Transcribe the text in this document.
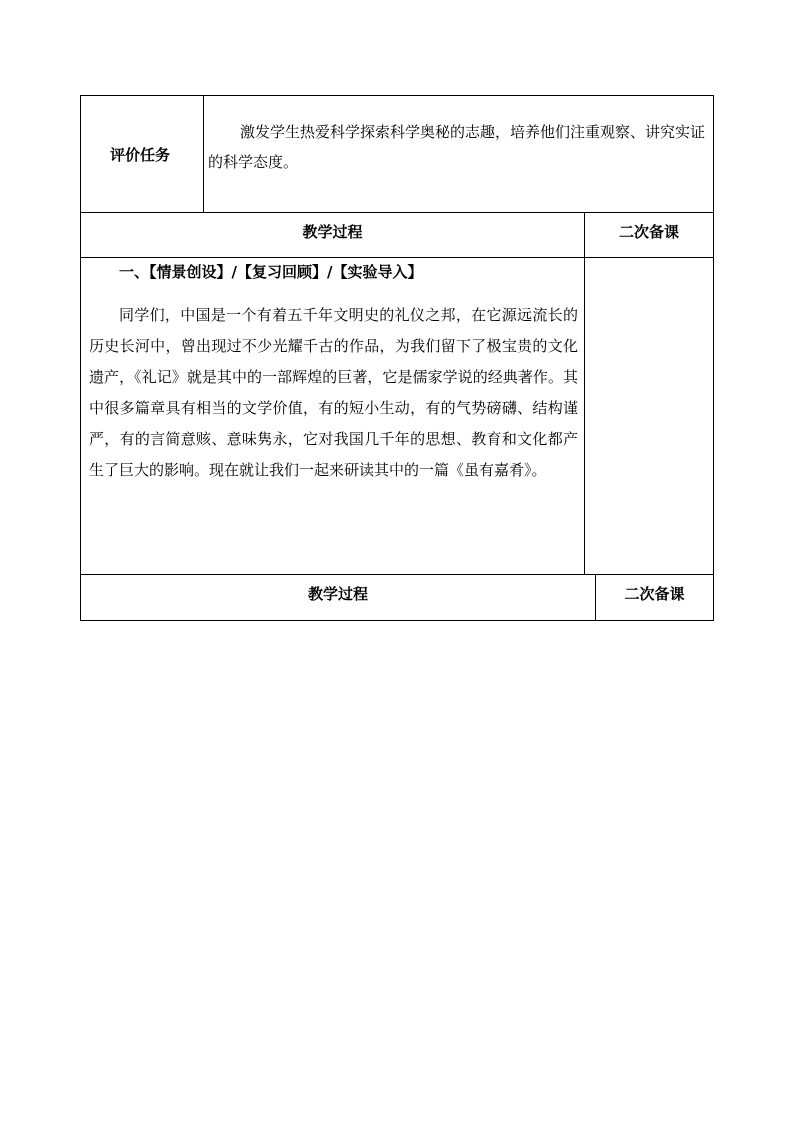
评价任务
激发学生热爱科学探索科学奥秘的志趣，培养他们注重观察、讲究实证的科学态度。
教学过程	二次备课
一、【情景创设】/【复习回顾】/【实验导入】

同学们，中国是一个有着五千年文明史的礼仪之邦，在它源远流长的历史长河中，曾出现过不少光耀千古的作品，为我们留下了极宝贵的文化遗产，《礼记》就是其中的一部辉煌的巨著，它是儒家学说的经典著作。其中很多篇章具有相当的文学价值，有的短小生动，有的气势磅礴、结构谨严，有的言简意赅、意味隽永，它对我国几千年的思想、教育和文化都产生了巨大的影响。现在就让我们一起来研读其中的一篇《虽有嘉肴》。

教学过程	二次备课
